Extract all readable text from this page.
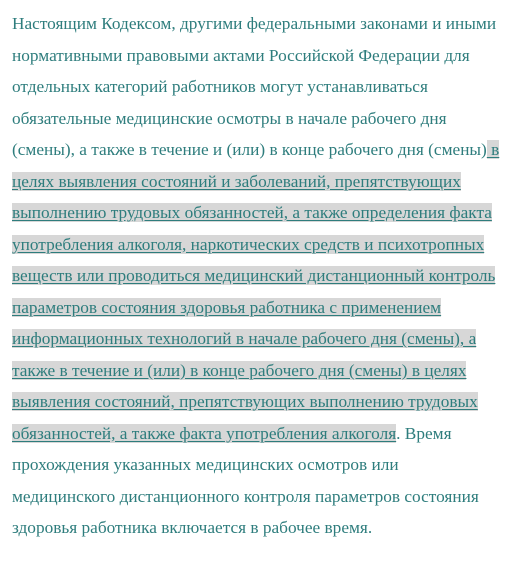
Настоящим Кодексом, другими федеральными законами и иными нормативными правовыми актами Российской Федерации для отдельных категорий работников могут устанавливаться обязательные медицинские осмотры в начале рабочего дня (смены), а также в течение и (или) в конце рабочего дня (смены) в целях выявления состояний и заболеваний, препятствующих выполнению трудовых обязанностей, а также определения факта употребления алкоголя, наркотических средств и психотропных веществ или проводиться медицинский дистанционный контроль параметров состояния здоровья работника с применением информационных технологий в начале рабочего дня (смены), а также в течение и (или) в конце рабочего дня (смены) в целях выявления состояний, препятствующих выполнению трудовых обязанностей, а также факта употребления алкоголя. Время прохождения указанных медицинских осмотров или медицинского дистанционного контроля параметров состояния здоровья работника включается в рабочее время.
